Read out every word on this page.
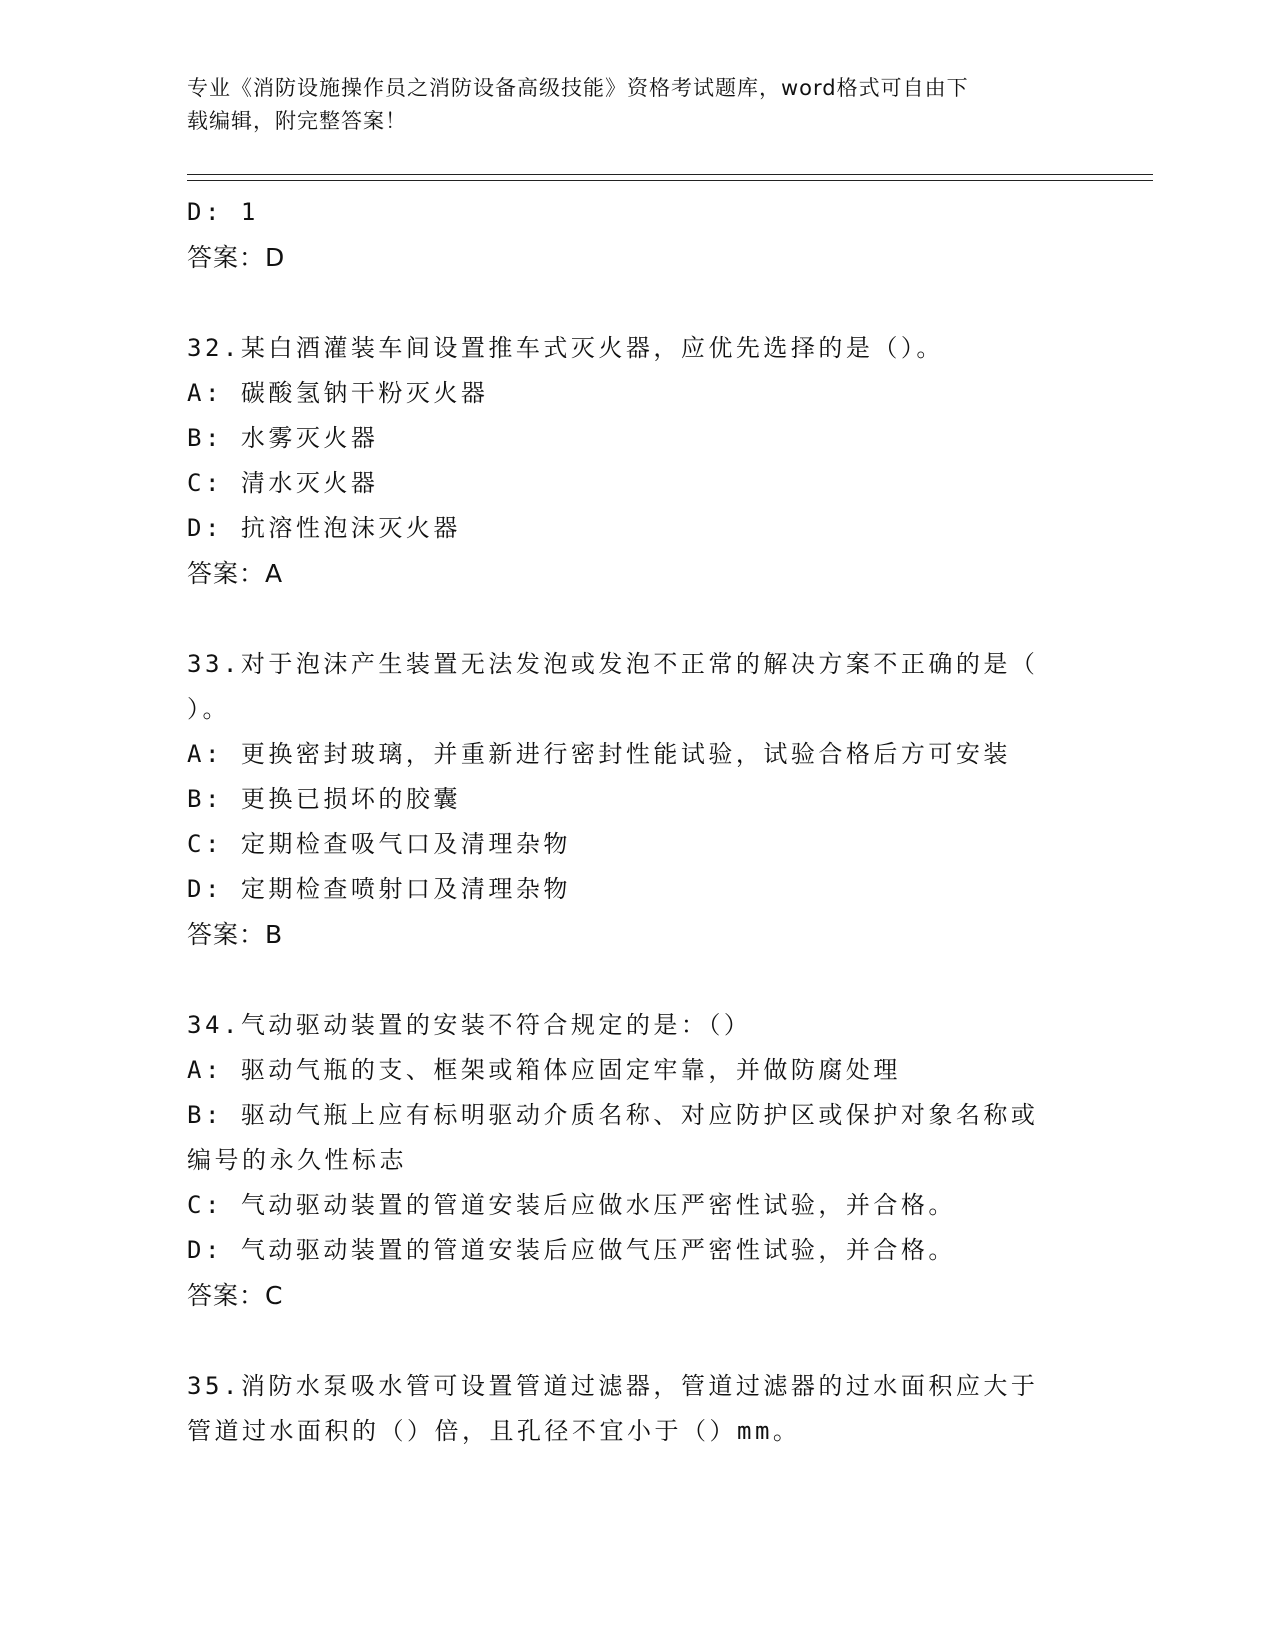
专业《消防设施操作员之消防设备高级技能》资格考试题库，word格式可自由下
载编辑，附完整答案！
D: 1
答案：D
32.某白酒灌装车间设置推车式灭火器，应优先选择的是（）。
A: 碳酸氢钠干粉灭火器
B: 水雾灭火器
C: 清水灭火器
D: 抗溶性泡沫灭火器
答案：A
33.对于泡沫产生装置无法发泡或发泡不正常的解决方案不正确的是（
）。
A: 更换密封玻璃，并重新进行密封性能试验，试验合格后方可安装
B: 更换已损坏的胶囊
C: 定期检查吸气口及清理杂物
D: 定期检查喷射口及清理杂物
答案：B
34.气动驱动装置的安装不符合规定的是：（）
A: 驱动气瓶的支、框架或箱体应固定牢靠，并做防腐处理
B: 驱动气瓶上应有标明驱动介质名称、对应防护区或保护对象名称或
编号的永久性标志
C: 气动驱动装置的管道安装后应做水压严密性试验，并合格。
D: 气动驱动装置的管道安装后应做气压严密性试验，并合格。
答案：C
35.消防水泵吸水管可设置管道过滤器，管道过滤器的过水面积应大于
管道过水面积的（）倍，且孔径不宜小于（）mm。
